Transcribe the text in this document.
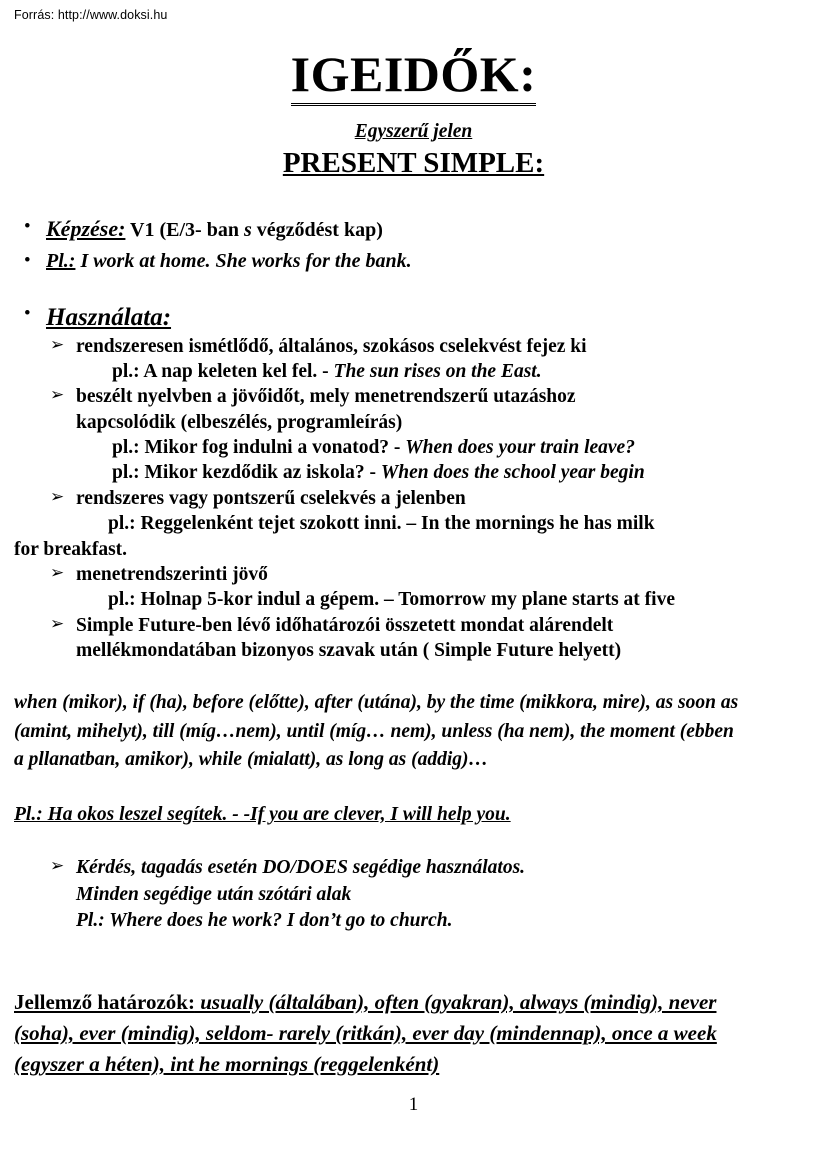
Forrás: http://www.doksi.hu
IGEIDŐK:
Egyszerű jelen
PRESENT SIMPLE:
• Képzése: V1 (E/3- ban s végződést kap)
• Pl.: I work at home. She works for the bank.
• Használata:
➢ rendszeresen ismétlődő, általános, szokásos cselekvést fejez ki
pl.: A nap keleten kel fel. - The sun rises on the East.
➢ beszélt nyelvben a jövőidőt, mely menetrendszerű utazáshoz
kapcsolódik (elbeszélés, programleírás)
pl.: Mikor fog indulni a vonatod? - When does your train leave?
pl.: Mikor kezdődik az iskola? - When does the school year begin
➢ rendszeres vagy pontszerű cselekvés a jelenben
pl.: Reggelenként tejet szokott inni. – In the mornings he has milk
for breakfast.
➢ menetrendszerinti jövő
pl.: Holnap 5-kor indul a gépem. – Tomorrow my plane starts at five
➢ Simple Future-ben lévő időhatározói összetett mondat alárendelt
mellékmondatában bizonyos szavak után ( Simple Future helyett)
when (mikor), if (ha), before (előtte), after (utána), by the time (mikkora, mire), as soon as (amint, mihelyt), till (míg…nem), until (míg… nem), unless (ha nem), the moment (ebben a pllanatban, amikor), while (mialatt), as long as (addig)…
Pl.: Ha okos leszel segítek. - -If you are clever, I will help you.
➢ Kérdés, tagadás esetén DO/DOES segédige használatos.
Minden segédige után szótári alak
Pl.: Where does he work? I don’t go to church.
Jellemző határozók: usually (általában), often (gyakran), always (mindig), never (soha), ever (mindig), seldom- rarely (ritkán), ever day (mindennap), once a week (egyszer a héten), int he mornings (reggelenként)
1
